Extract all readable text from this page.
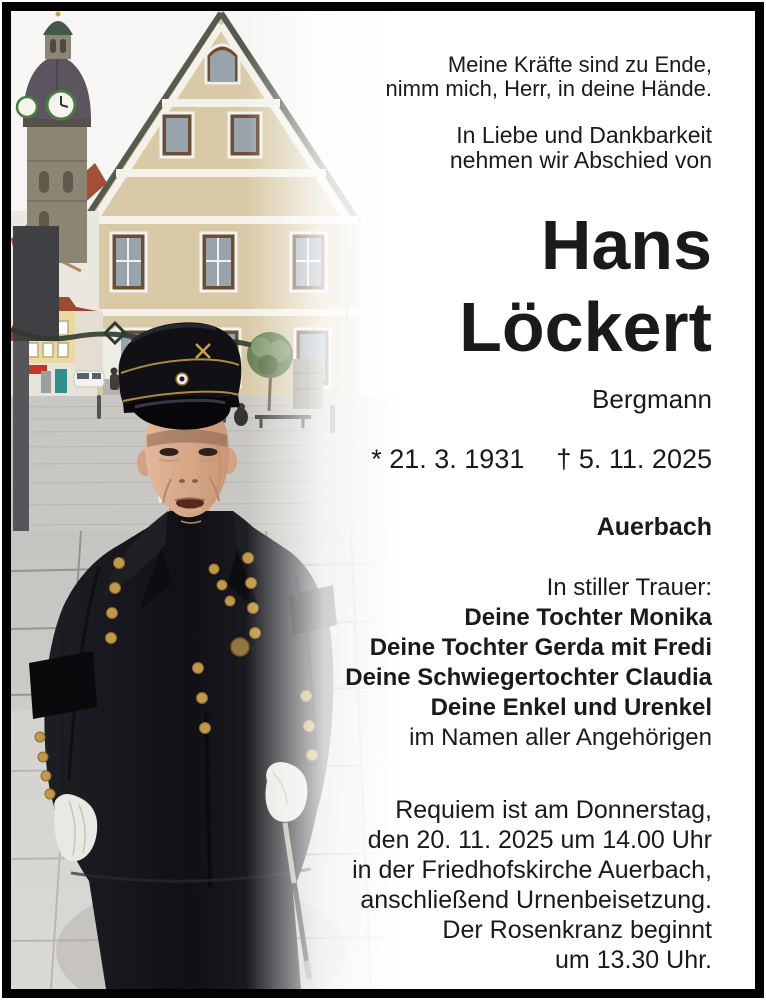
Meine Kräfte sind zu Ende,
nimm mich, Herr, in deine Hände.
In Liebe und Dankbarkeit
nehmen wir Abschied von
Hans
Löckert
Bergmann
* 21. 3. 1931 † 5. 11. 2025
Auerbach
In stiller Trauer:
Deine Tochter Monika
Deine Tochter Gerda mit Fredi
Deine Schwiegertochter Claudia
Deine Enkel und Urenkel
im Namen aller Angehörigen
Requiem ist am Donnerstag,
den 20. 11. 2025 um 14.00 Uhr
in der Friedhofskirche Auerbach,
anschließend Urnenbeisetzung.
Der Rosenkranz beginnt
um 13.30 Uhr.
